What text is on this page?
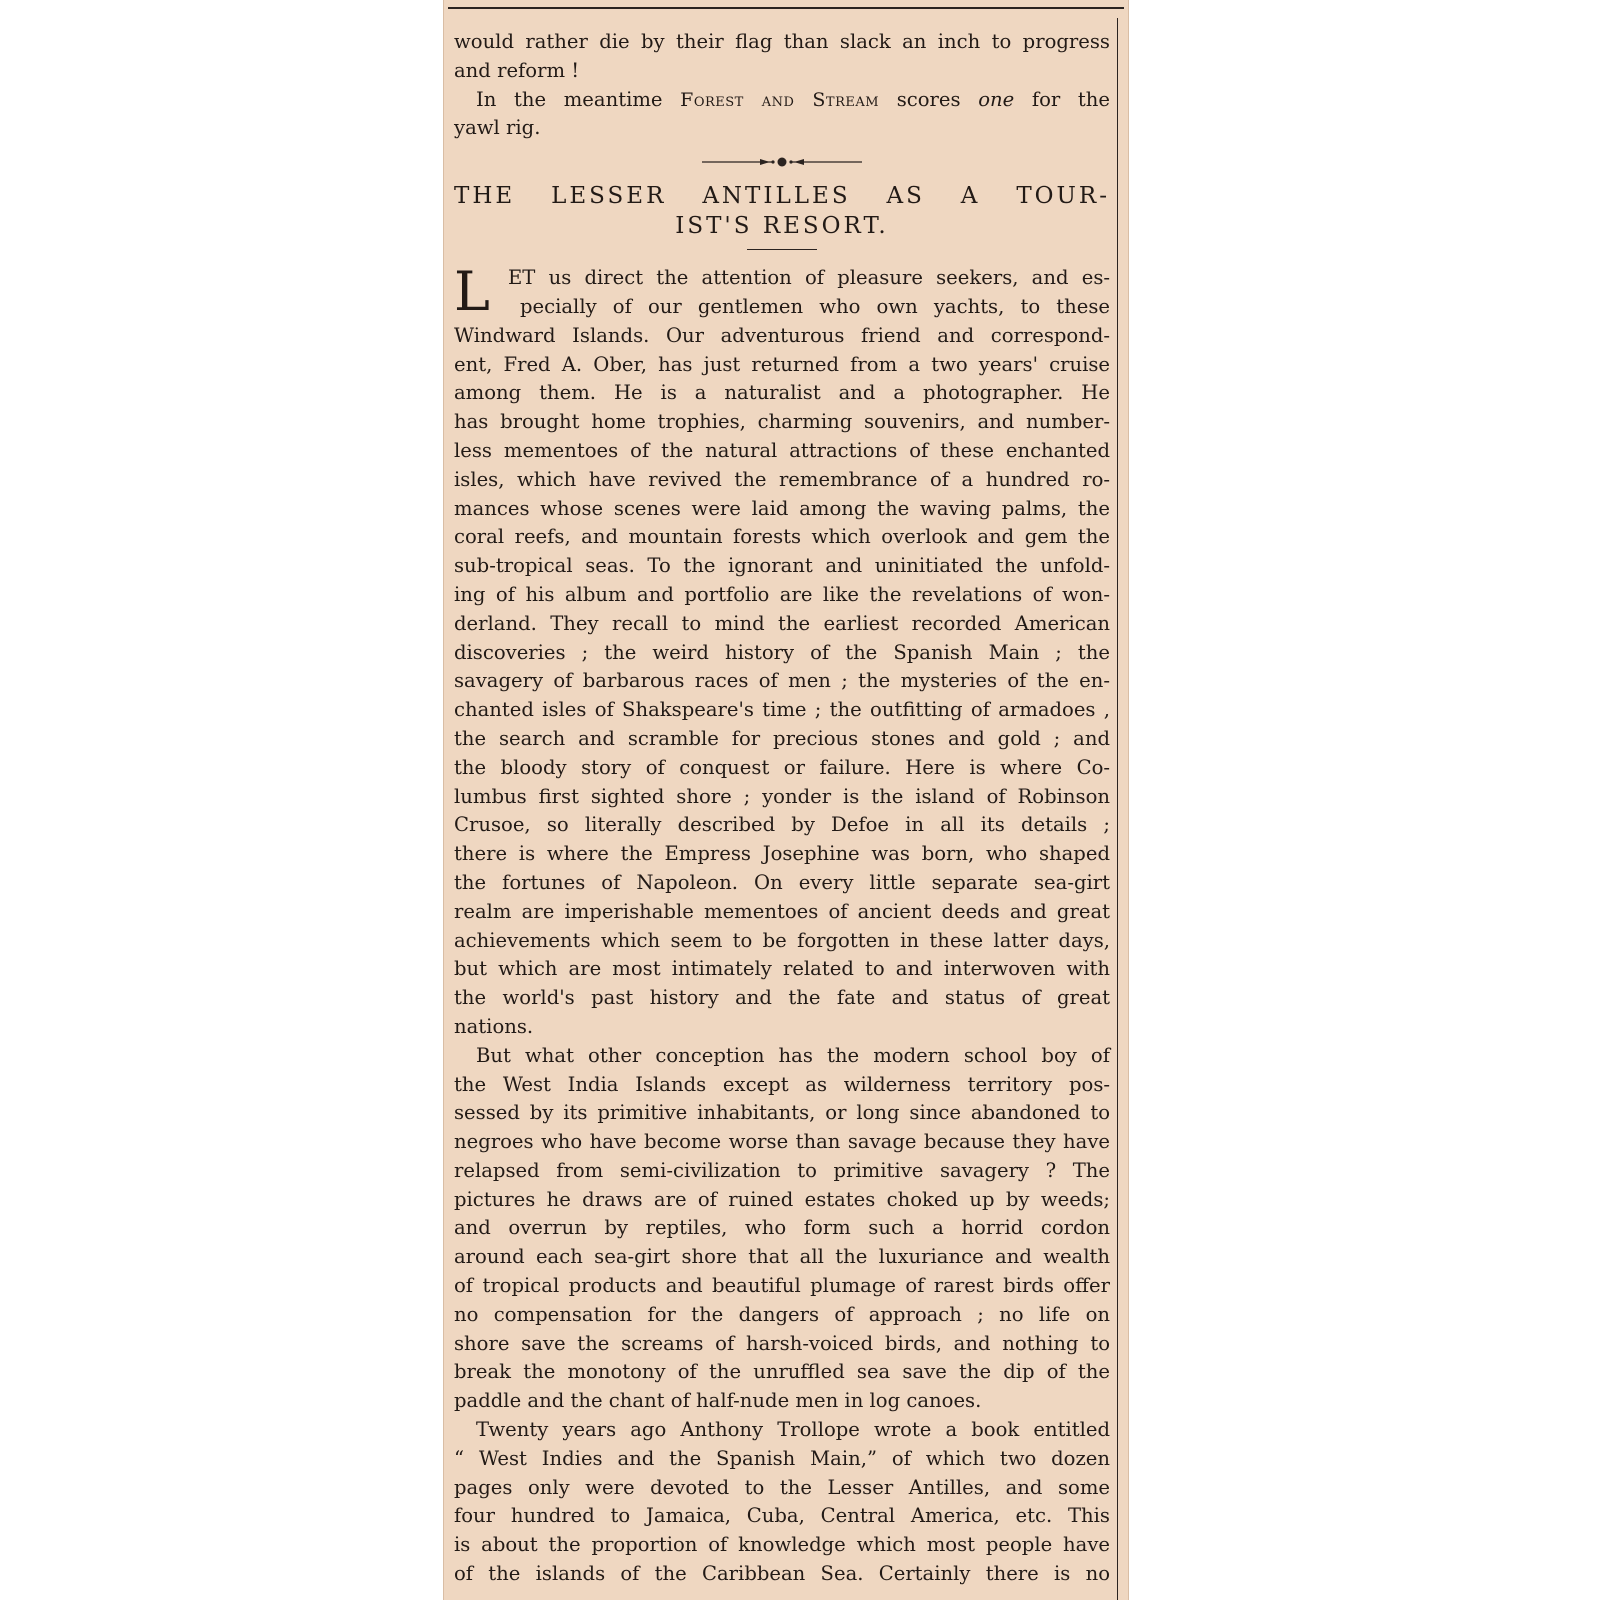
would rather die by their flag than slack an inch to progress
and reform !
In the meantime Forest and Stream scores one for the
yawl rig.
THE LESSER ANTILLES AS A TOUR-
IST'S RESORT.
L ET us direct the attention of pleasure seekers, and es-
pecially of our gentlemen who own yachts, to these
Windward Islands. Our adventurous friend and correspond-
ent, Fred A. Ober, has just returned from a two years' cruise
among them. He is a naturalist and a photographer. He
has brought home trophies, charming souvenirs, and number-
less mementoes of the natural attractions of these enchanted
isles, which have revived the remembrance of a hundred ro-
mances whose scenes were laid among the waving palms, the
coral reefs, and mountain forests which overlook and gem the
sub-tropical seas. To the ignorant and uninitiated the unfold-
ing of his album and portfolio are like the revelations of won-
derland. They recall to mind the earliest recorded American
discoveries ; the weird history of the Spanish Main ; the
savagery of barbarous races of men ; the mysteries of the en-
chanted isles of Shakspeare's time ; the outfitting of armadoes ,
the search and scramble for precious stones and gold ; and
the bloody story of conquest or failure. Here is where Co-
lumbus first sighted shore ; yonder is the island of Robinson
Crusoe, so literally described by Defoe in all its details ;
there is where the Empress Josephine was born, who shaped
the fortunes of Napoleon. On every little separate sea-girt
realm are imperishable mementoes of ancient deeds and great
achievements which seem to be forgotten in these latter days,
but which are most intimately related to and interwoven with
the world's past history and the fate and status of great
nations.
But what other conception has the modern school boy of
the West India Islands except as wilderness territory pos-
sessed by its primitive inhabitants, or long since abandoned to
negroes who have become worse than savage because they have
relapsed from semi-civilization to primitive savagery ? The
pictures he draws are of ruined estates choked up by weeds;
and overrun by reptiles, who form such a horrid cordon
around each sea-girt shore that all the luxuriance and wealth
of tropical products and beautiful plumage of rarest birds offer
no compensation for the dangers of approach ; no life on
shore save the screams of harsh-voiced birds, and nothing to
break the monotony of the unruffled sea save the dip of the
paddle and the chant of half-nude men in log canoes.
Twenty years ago Anthony Trollope wrote a book entitled
“ West Indies and the Spanish Main,” of which two dozen
pages only were devoted to the Lesser Antilles, and some
four hundred to Jamaica, Cuba, Central America, etc. This
is about the proportion of knowledge which most people have
of the islands of the Caribbean Sea. Certainly there is no
